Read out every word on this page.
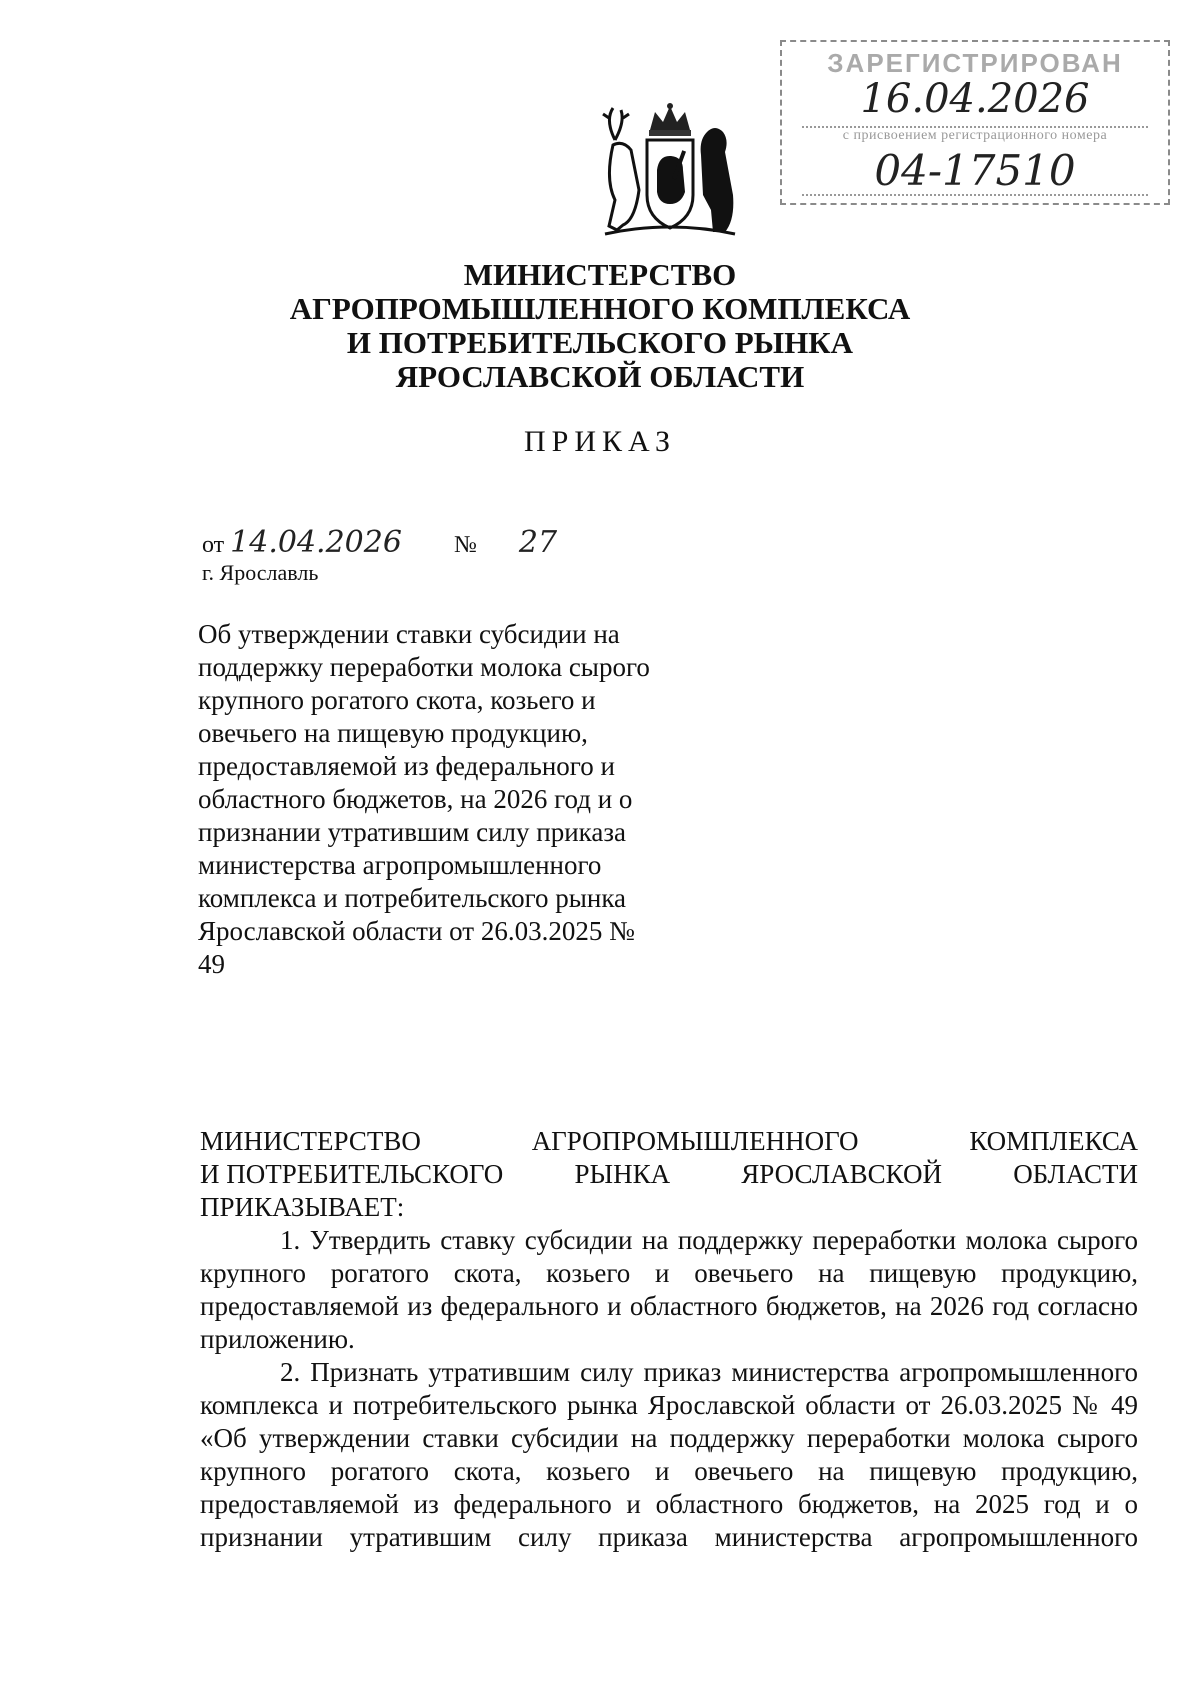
ЗАРЕГИСТРИРОВАН
16.04.2026
с присвоением регистрационного номера
04-17510
МИНИСТЕРСТВО
АГРОПРОМЫШЛЕННОГО КОМПЛЕКСА
И ПОТРЕБИТЕЛЬСКОГО РЫНКА
ЯРОСЛАВСКОЙ ОБЛАСТИ
ПРИКАЗ
от 14.04.2026 № 27
г. Ярославль
Об утверждении ставки субсидии на поддержку переработки молока сырого крупного рогатого скота, козьего и овечьего на пищевую продукцию, предоставляемой из федерального и областного бюджетов, на 2026 год и о признании утратившим силу приказа министерства агропромышленного комплекса и потребительского рынка Ярославской области от 26.03.2025 № 49
МИНИСТЕРСТВО	АГРОПРОМЫШЛЕННОГО	КОМПЛЕКСА
И ПОТРЕБИТЕЛЬСКОГО	РЫНКА	ЯРОСЛАВСКОЙ	ОБЛАСТИ
ПРИКАЗЫВАЕТ:

1. Утвердить ставку субсидии на поддержку переработки молока сырого крупного рогатого скота, козьего и овечьего на пищевую продукцию, предоставляемой из федерального и областного бюджетов, на 2026 год согласно приложению.

2. Признать утратившим силу приказ министерства агропромышленного комплекса и потребительского рынка Ярославской области от 26.03.2025 № 49 «Об утверждении ставки субсидии на поддержку переработки молока сырого крупного рогатого скота, козьего и овечьего на пищевую продукцию, предоставляемой из федерального и областного бюджетов, на 2025 год и о признании утратившим силу приказа министерства агропромышленного
